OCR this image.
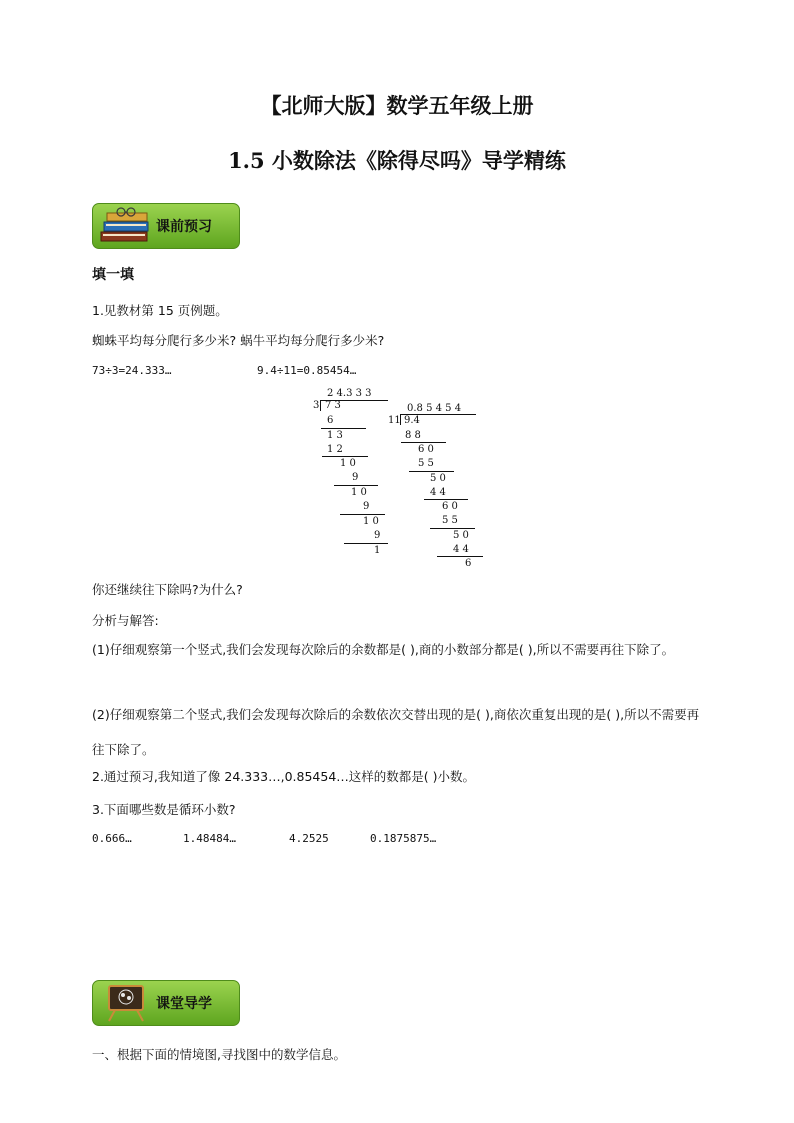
【北师大版】数学五年级上册
1.5 小数除法《除得尽吗》导学精练
课前预习
填一填
1.见教材第 15 页例题。
蜘蛛平均每分爬行多少米? 蜗牛平均每分爬行多少米?
73÷3=24.333…	9.4÷11=0.85454…
2 4.3 3 3
3 7 3
6
1 3
1 2
1 0
9
1 0
9
1 0
9
1
0.8 5 4 5 4
11 9.4
8 8
6 0
5 5
5 0
4 4
6 0
5 5
5 0
4 4
6
你还继续往下除吗?为什么?
分析与解答:
(1)仔细观察第一个竖式,我们会发现每次除后的余数都是( ),商的小数部分都是( ),所以不需要再往下除了。
(2)仔细观察第二个竖式,我们会发现每次除后的余数依次交替出现的是( ),商依次重复出现的是( ),所以不需要再往下除了。
2.通过预习,我知道了像 24.333…,0.85454…这样的数都是( )小数。
3.下面哪些数是循环小数?
0.666…	1.48484…	4.2525	0.1875875…
课堂导学
一、根据下面的情境图,寻找图中的数学信息。
